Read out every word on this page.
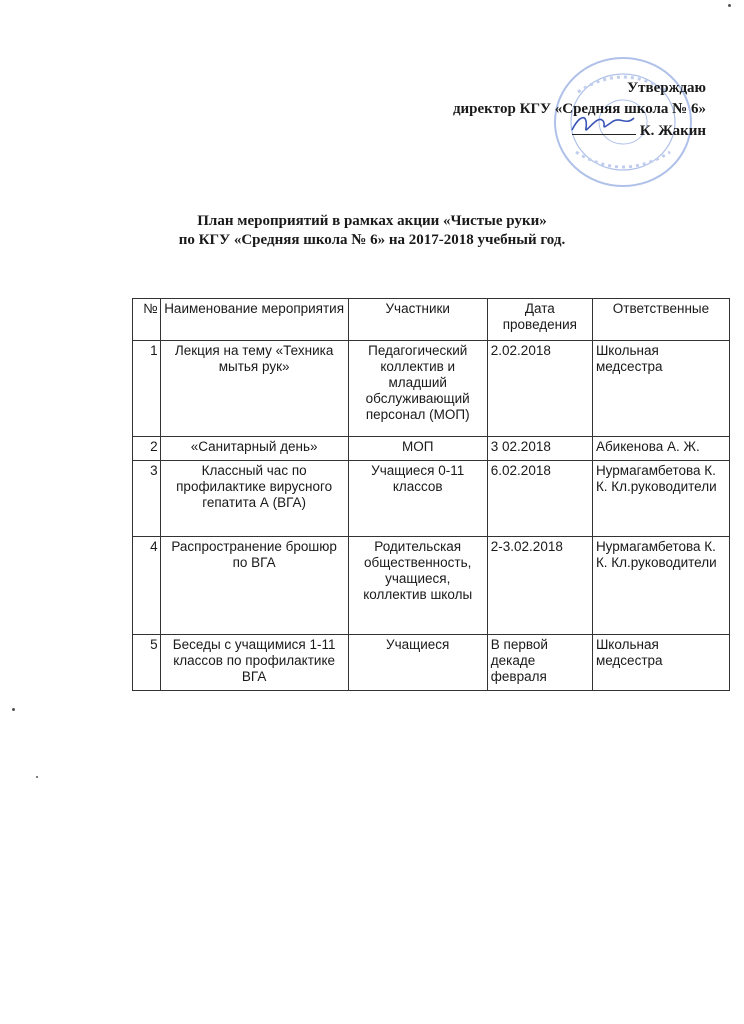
Утверждаю
директор КГУ «Средняя школа № 6»
К. Жакин
План мероприятий в рамках акции «Чистые руки»
по КГУ «Средняя школа № 6» на 2017-2018 учебный год.
№	Наименование мероприятия	Участники	Дата проведения	Ответственные
1	Лекция на тему «Техника мытья рук»	Педагогический коллектив и младший обслуживающий персонал (МОП)	2.02.2018	Школьная медсестра
2	«Санитарный день»	МОП	3 02.2018	Абикенова А. Ж.
3	Классный час по профилактике вирусного гепатита А (ВГА)	Учащиеся 0-11 классов	6.02.2018	Нурмагамбетова К. К. Кл.руководители
4	Распространение брошюр по ВГА	Родительская общественность, учащиеся, коллектив школы	2-3.02.2018	Нурмагамбетова К. К. Кл.руководители
5	Беседы с учащимися 1-11 классов по профилактике ВГА	Учащиеся	В первой декаде февраля	Школьная медсестра
